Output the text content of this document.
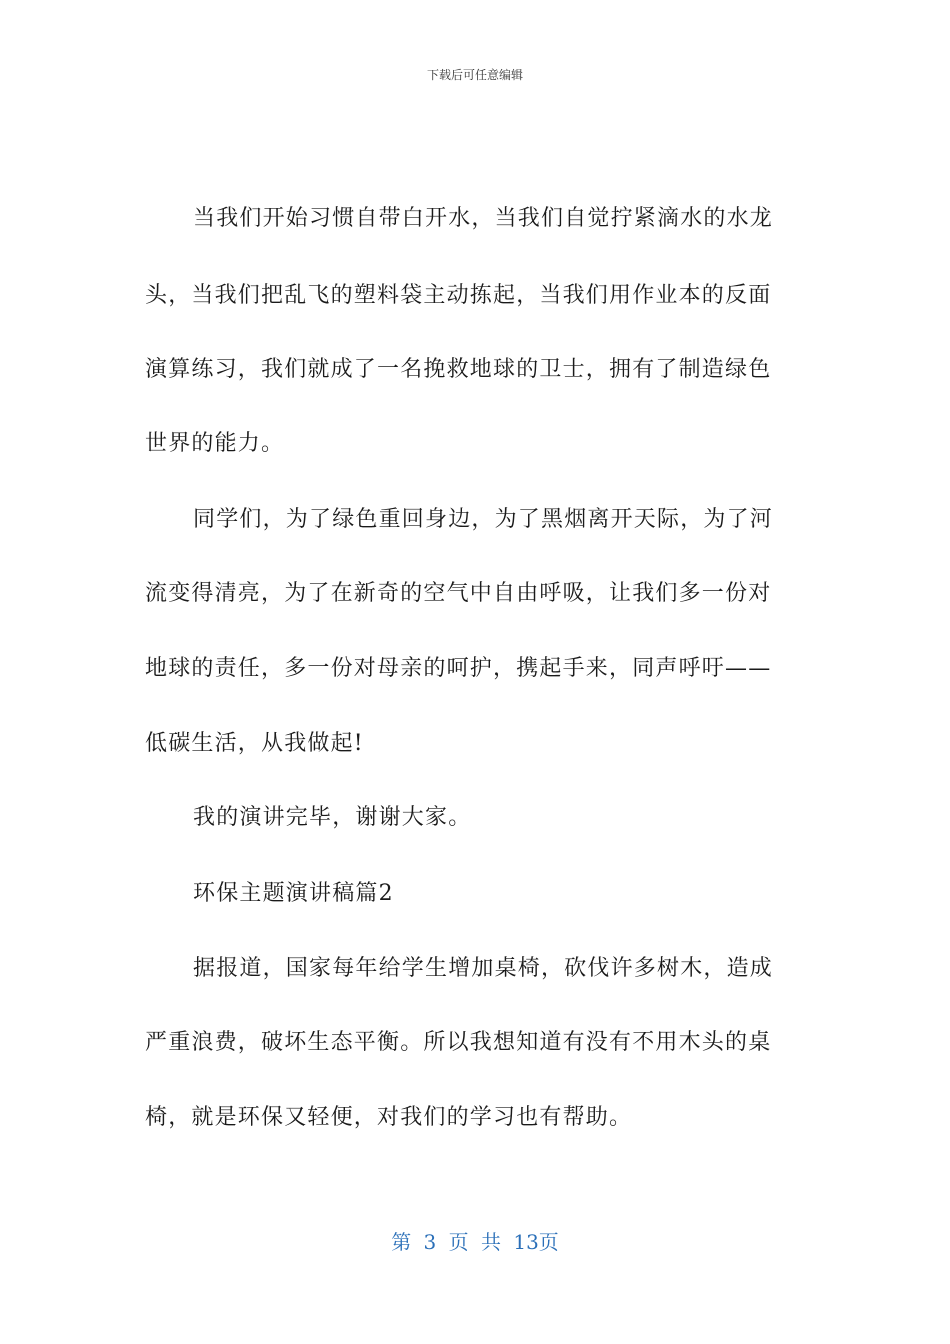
下载后可任意编辑
当我们开始习惯自带白开水，当我们自觉拧紧滴水的水龙
头，当我们把乱飞的塑料袋主动拣起，当我们用作业本的反面
演算练习，我们就成了一名挽救地球的卫士，拥有了制造绿色
世界的能力。
同学们，为了绿色重回身边，为了黑烟离开天际，为了河
流变得清亮，为了在新奇的空气中自由呼吸，让我们多一份对
地球的责任，多一份对母亲的呵护，携起手来，同声呼吁——
低碳生活，从我做起!
我的演讲完毕，谢谢大家。
环保主题演讲稿篇2
据报道，国家每年给学生增加桌椅，砍伐许多树木，造成
严重浪费，破坏生态平衡。所以我想知道有没有不用木头的桌
椅，就是环保又轻便，对我们的学习也有帮助。
第 3 页 共 13页
